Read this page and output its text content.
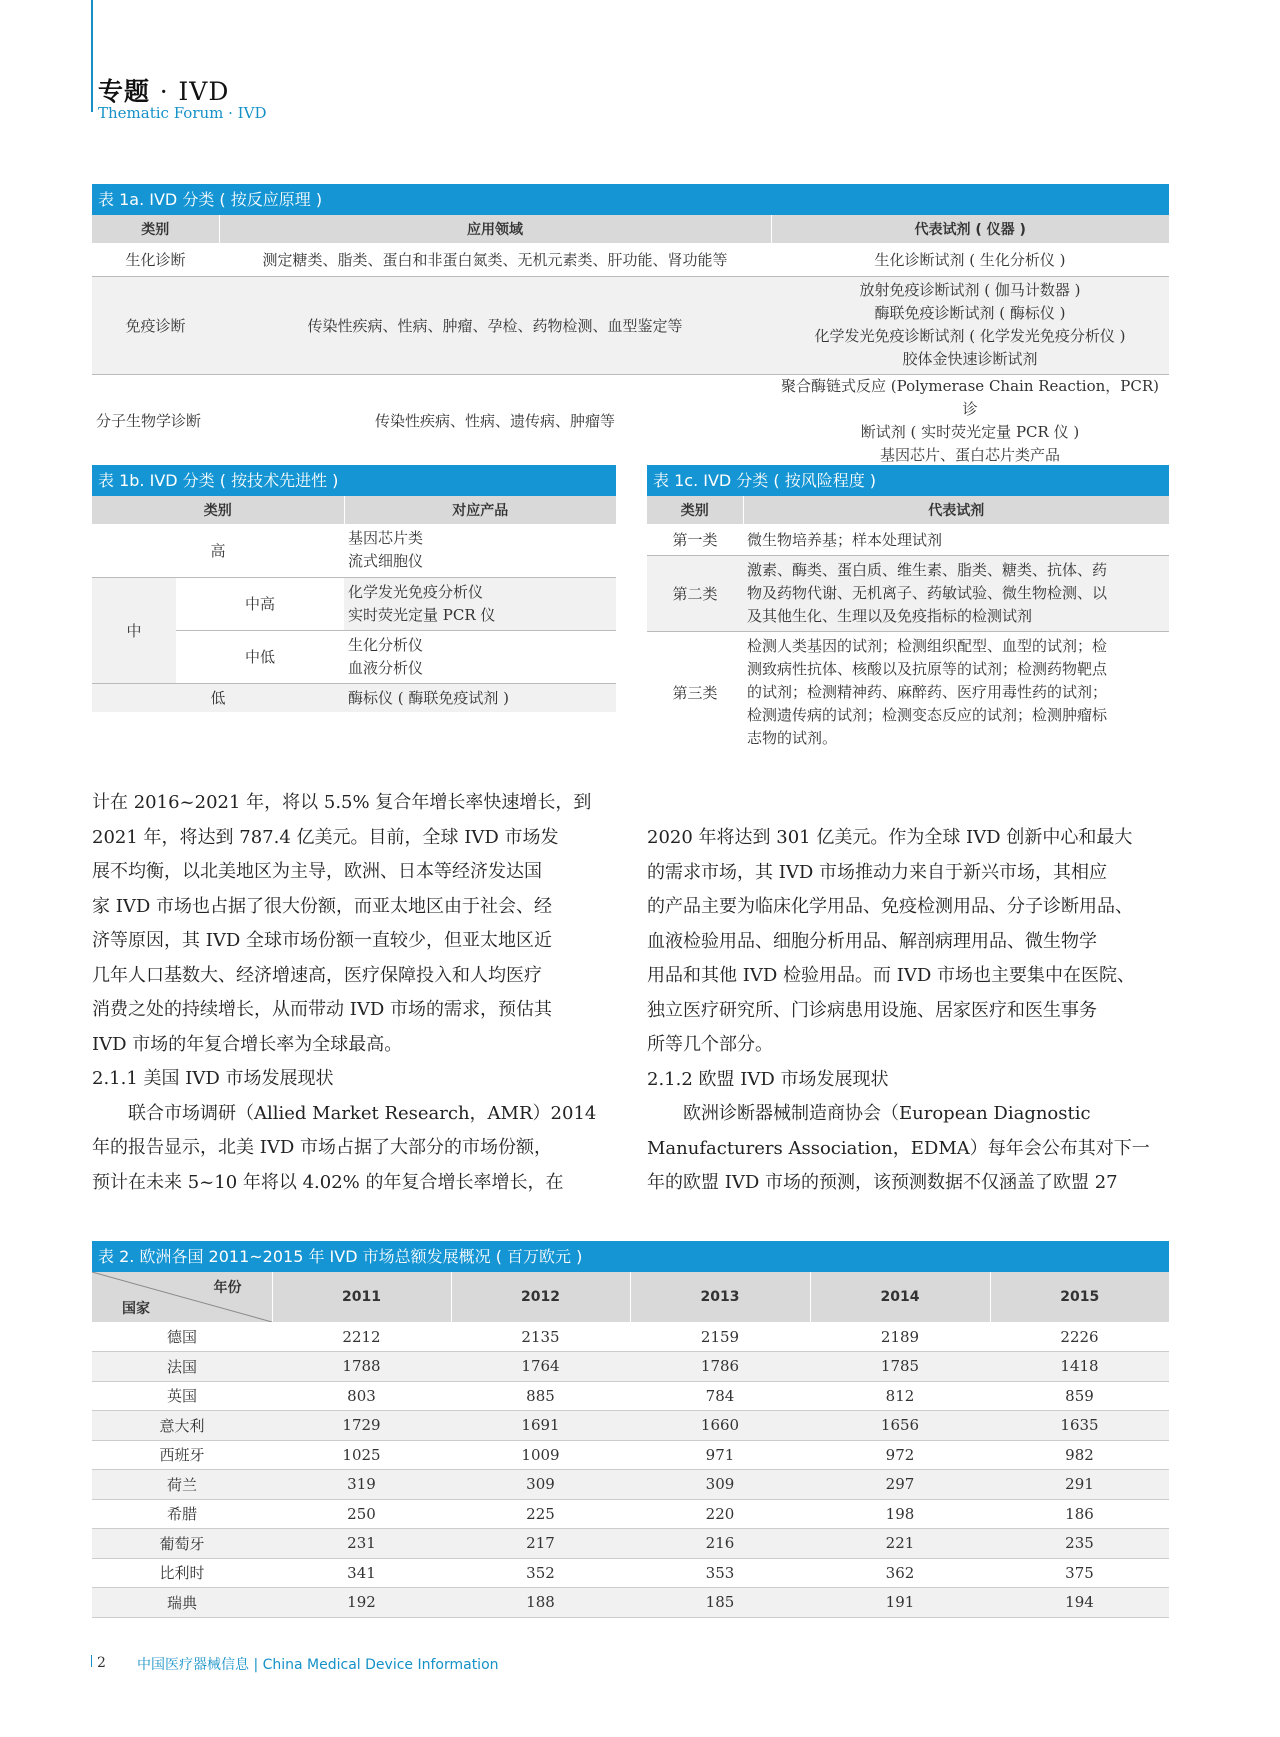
专题 · IVD
Thematic Forum · IVD
表 1a. IVD 分类 ( 按反应原理 )
类别	应用领域	代表试剂 ( 仪器 )
生化诊断	测定糖类、脂类、蛋白和非蛋白氮类、无机元素类、肝功能、肾功能等	生化诊断试剂 ( 生化分析仪 )
免疫诊断	传染性疾病、性病、肿瘤、孕检、药物检测、血型鉴定等	放射免疫诊断试剂 ( 伽马计数器 )
酶联免疫诊断试剂 ( 酶标仪 )
化学发光免疫诊断试剂 ( 化学发光免疫分析仪 )
胶体金快速诊断试剂

分子生物学诊断	传染性疾病、性病、遗传病、肿瘤等	聚合酶链式反应 (Polymerase Chain Reaction，PCR) 诊
断试剂 ( 实时荧光定量 PCR 仪 )
基因芯片、蛋白芯片类产品
表 1b. IVD 分类 ( 按技术先进性 )
类别		对应产品
高		基因芯片类
流式细胞仪

中	中高	化学发光免疫分析仪
实时荧光定量 PCR 仪

	中低	生化分析仪
血液分析仪

低		酶标仪 ( 酶联免疫试剂 )
表 1c. IVD 分类 ( 按风险程度 )
类别	代表试剂
第一类	微生物培养基；样本处理试剂
第二类	激素、酶类、蛋白质、维生素、脂类、糖类、抗体、药
物及药物代谢、无机离子、药敏试验、微生物检测、以
及其他生化、生理以及免疫指标的检测试剂

第三类	检测人类基因的试剂；检测组织配型、血型的试剂；检
测致病性抗体、核酸以及抗原等的试剂；检测药物靶点
的试剂；检测精神药、麻醉药、医疗用毒性药的试剂；
检测遗传病的试剂；检测变态反应的试剂；检测肿瘤标
志物的试剂。

计在 2016~2021 年，将以 5.5% 复合年增长率快速增长，到

2021 年，将达到 787.4 亿美元。目前，全球 IVD 市场发

展不均衡，以北美地区为主导，欧洲、日本等经济发达国

家 IVD 市场也占据了很大份额，而亚太地区由于社会、经

济等原因，其 IVD 全球市场份额一直较少，但亚太地区近

几年人口基数大、经济增速高，医疗保障投入和人均医疗

消费之处的持续增长，从而带动 IVD 市场的需求，预估其

IVD 市场的年复合增长率为全球最高。

2.1.1 美国 IVD 市场发展现状

联合市场调研（Allied Market Research，AMR）2014

年的报告显示，北美 IVD 市场占据了大部分的市场份额，

预计在未来 5~10 年将以 4.02% 的年复合增长率增长，在

2020 年将达到 301 亿美元。作为全球 IVD 创新中心和最大

的需求市场，其 IVD 市场推动力来自于新兴市场，其相应

的产品主要为临床化学用品、免疫检测用品、分子诊断用品、

血液检验用品、细胞分析用品、解剖病理用品、微生物学

用品和其他 IVD 检验用品。而 IVD 市场也主要集中在医院、

独立医疗研究所、门诊病患用设施、居家医疗和医生事务

所等几个部分。

2.1.2 欧盟 IVD 市场发展现状

欧洲诊断器械制造商协会（European Diagnostic

Manufacturers Association，EDMA）每年会公布其对下一

年的欧盟 IVD 市场的预测，该预测数据不仅涵盖了欧盟 27

表 2. 欧洲各国 2011~2015 年 IVD 市场总额发展概况 ( 百万欧元 )
年份
国家	2011	2012	2013	2014	2015
德国	2212	2135	2159	2189	2226
法国	1788	1764	1786	1785	1418
英国	803	885	784	812	859
意大利	1729	1691	1660	1656	1635
西班牙	1025	1009	971	972	982
荷兰	319	309	309	297	291
希腊	250	225	220	198	186
葡萄牙	231	217	216	221	235
比利时	341	352	353	362	375
瑞典	192	188	185	191	194
2 中国医疗器械信息 | China Medical Device Information
